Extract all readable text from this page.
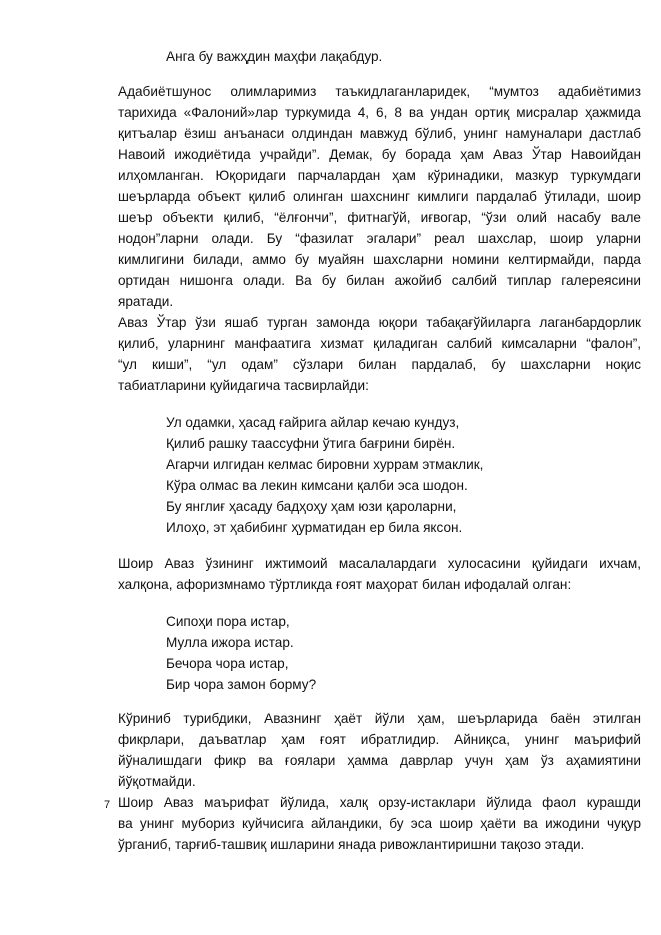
Анга бу важҳдин маҳфи лақабдур.
Адабиётшунос олимларимиз таъкидлаганларидек, “мумтоз адабиётимиз
тарихида «Фалоний»лар туркумида 4, 6, 8 ва ундан ортиқ мисралар ҳажмида
қитъалар ёзиш анъанаси олдиндан мавжуд бўлиб, унинг намуналари дастлаб
Навоий ижодиётида учрайди”. Демак, бу борада ҳам Аваз Ўтар Навоийдан
илҳомланган. Юқоридаги парчалардан ҳам кўринадики, мазкур туркумдаги
шеърларда объект қилиб олинган шахснинг кимлиги пардалаб ўтилади, шоир
шеър объекти қилиб, “ёлғончи”, фитнагўй, иғвогар, “ўзи олий насабу вале
нодон”ларни олади. Бу “фазилат эгалари” реал шахслар, шоир уларни
кимлигини билади, аммо бу муайян шахсларни номини келтирмайди, парда
ортидан нишонга олади. Ва бу билан ажойиб салбий типлар галереясини
яратади.
Аваз Ўтар ўзи яшаб турган замонда юқори табақағўйиларга лаганбардорлик
қилиб, уларнинг манфаатига хизмат қиладиган салбий кимсаларни “фалон”,
“ул киши”, “ул одам” сўзлари билан пардалаб, бу шахсларни ноқис
табиатларини қуйидагича тасвирлайди:
Ул одамки, ҳасад ғайрига айлар кечаю кундуз,
Қилиб рашку таассуфни ўтига бағрини бирён.
Агарчи илгидан келмас бировни хуррам этмаклик,
Кўра олмас ва лекин кимсани қалби эса шодон.
Бу янглиғ ҳасаду бадҳоҳу ҳам юзи қароларни,
Илоҳо, эт ҳабибинг ҳурматидан ер била яксон.
Шоир Аваз ўзининг ижтимоий масалалардаги хулосасини қуйидаги ихчам,
халқона, афоризмнамо тўртликда ғоят маҳорат билан ифодалай олган:
Сипоҳи пора истар,
Мулла ижора истар.
Бечора чора истар,
Бир чора замон борму?
Кўриниб турибдики, Авазнинг ҳаёт йўли ҳам, шеърларида баён этилган
фикрлари, даъватлар ҳам ғоят ибратлидир. Айниқса, унинг маърифий
йўналишдаги фикр ва ғоялари ҳамма даврлар учун ҳам ўз аҳамиятини
йўқотмайди.
Шоир Аваз маърифат йўлида, халқ орзу-истаклари йўлида фаол курашди
ва унинг мубориз куйчисига айландики, бу эса шоир ҳаёти ва ижодини чуқур
ўрганиб, тарғиб-ташвиқ ишларини янада ривожлантиришни тақозо этади.
7
